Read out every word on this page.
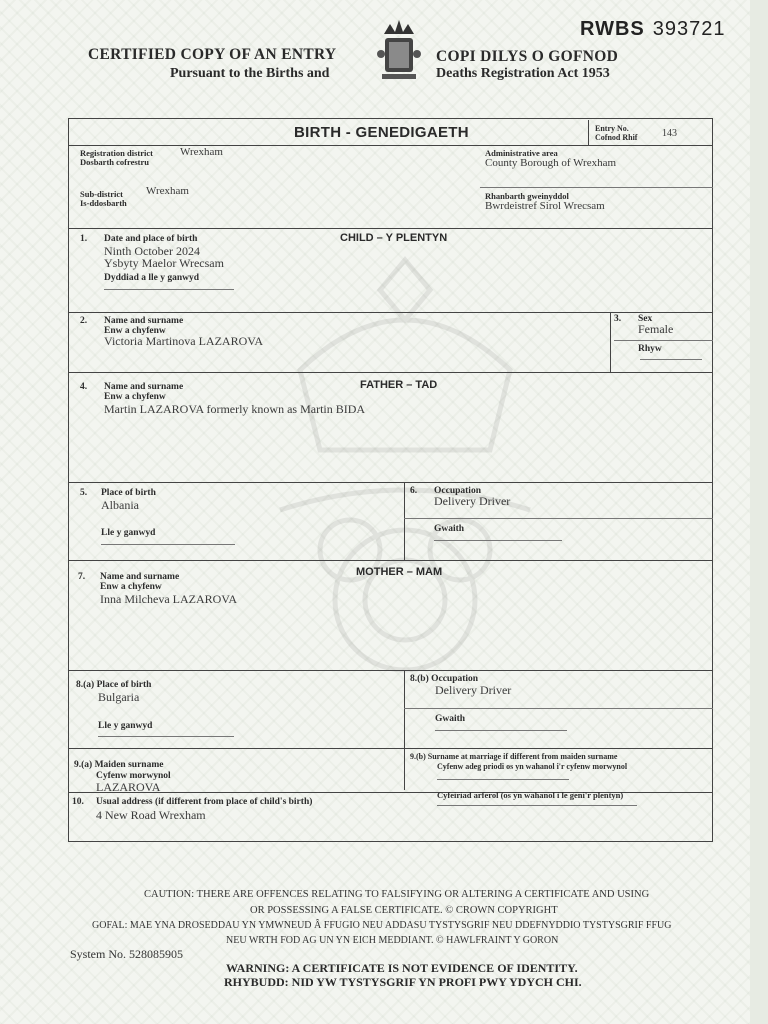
RWBS 393721
CERTIFIED COPY OF AN ENTRY
Pursuant to the Births and
COPI DILYS O GOFNOD
Deaths Registration Act 1953
BIRTH - GENEDIGAETH	Entry No.
Cofnod Rhif 143
Registration district
Dosbarth cofrestru
Wrexham	Administrative area
County Borough of Wrexham
Sub-district
Is-ddosbarth
Wrexham	Rhanbarth gweinyddol
Bwrdeistref Sirol Wrecsam
CHILD – Y PLENTYN
1. Date and place of birth
Ninth October 2024
Ysbyty Maelor Wrecsam
Dyddiad a lle y ganwyd
2. Name and surname
Enw a chyfenw
Victoria Martinova LAZAROVA
3. Sex
Female
Rhyw
FATHER – TAD
4. Name and surname
Enw a chyfenw
Martin LAZAROVA formerly known as Martin BIDA
5. Place of birth
Albania
Lle y ganwyd
6. Occupation
Delivery Driver
Gwaith
MOTHER – MAM
7. Name and surname
Enw a chyfenw
Inna Milcheva LAZAROVA
8.(a) Place of birth
Bulgaria
Lle y ganwyd
8.(b) Occupation
Delivery Driver
Gwaith
9.(a) Maiden surname
Cyfenw morwynol
LAZAROVA
9.(b) Surname at marriage if different from maiden surname
Cyfenw adeg priodi os yn wahanol i'r cyfenw morwynol
10. Usual address (if different from place of child's birth)
4 New Road Wrexham
Cyfeiriad arferol (os yn wahanol i le geni'r plentyn)
CAUTION: THERE ARE OFFENCES RELATING TO FALSIFYING OR ALTERING A CERTIFICATE AND USING
OR POSSESSING A FALSE CERTIFICATE. © CROWN COPYRIGHT
GOFAL: MAE YNA DROSEDDAU YN YMWNEUD Â FFUGIO NEU ADDASU TYSTYSGRIF NEU DDEFNYDDIO TYSTYSGRIF FFUG
NEU WRTH FOD AG UN YN EICH MEDDIANT. © HAWLFRAINT Y GORON
System No. 528085905
WARNING: A CERTIFICATE IS NOT EVIDENCE OF IDENTITY.
RHYBUDD: NID YW TYSTYSGRIF YN PROFI PWY YDYCH CHI.
